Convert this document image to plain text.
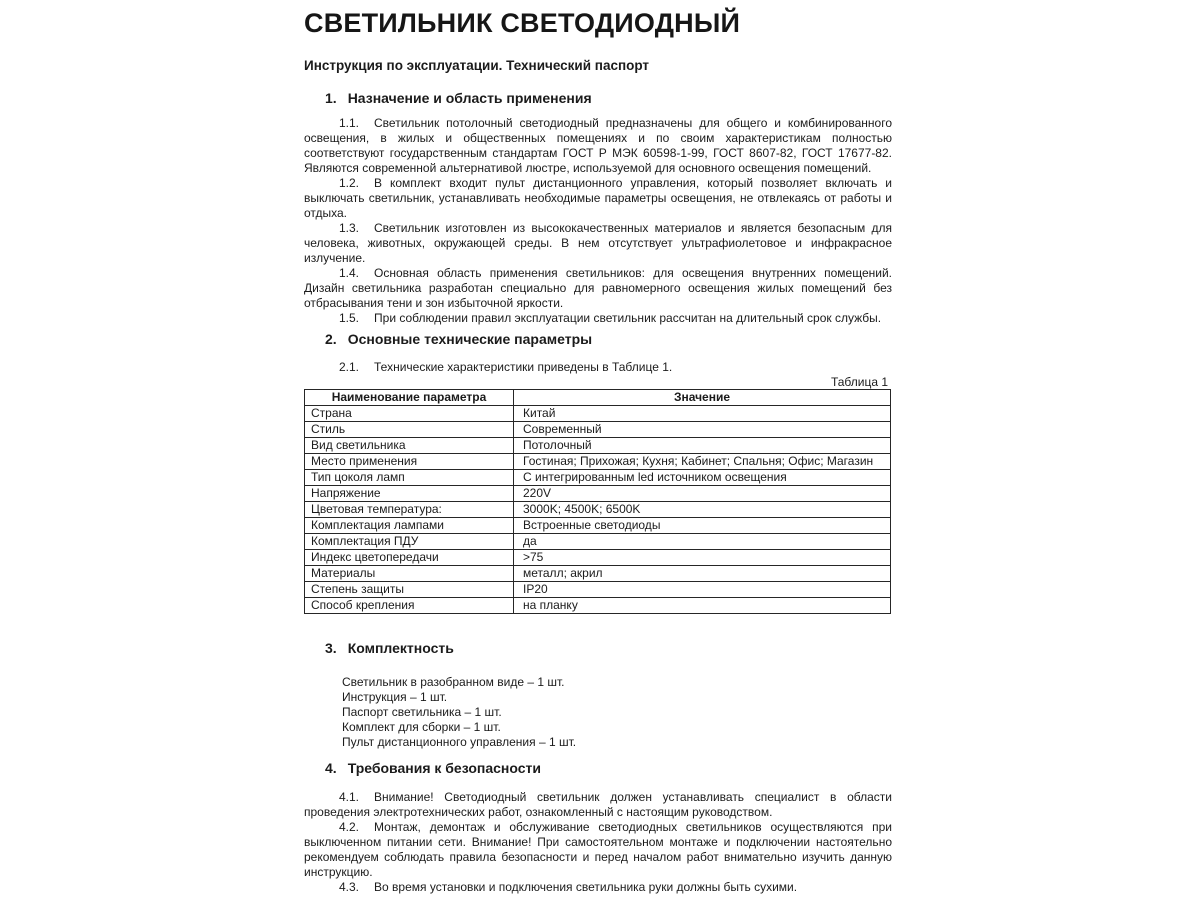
СВЕТИЛЬНИК СВЕТОДИОДНЫЙ
Инструкция по эксплуатации. Технический паспорт
1. Назначение и область применения

1.1. Светильник потолочный светодиодный предназначены для общего и комбинированного освещения, в жилых и общественных помещениях и по своим характеристикам полностью соответствуют государственным стандартам ГОСТ Р МЭК 60598-1-99, ГОСТ 8607-82, ГОСТ 17677-82. Являются современной альтернативой люстре, используемой для основного освещения помещений.

1.2. В комплект входит пульт дистанционного управления, который позволяет включать и выключать светильник, устанавливать необходимые параметры освещения, не отвлекаясь от работы и отдыха.

1.3. Светильник изготовлен из высококачественных материалов и является безопасным для человека, животных, окружающей среды. В нем отсутствует ультрафиолетовое и инфракрасное излучение.

1.4. Основная область применения светильников: для освещения внутренних помещений. Дизайн светильника разработан специально для равномерного освещения жилых помещений без отбрасывания тени и зон избыточной яркости.

1.5. При соблюдении правил эксплуатации светильник рассчитан на длительный срок службы.

2. Основные технические параметры

2.1. Технические характеристики приведены в Таблице 1.

Таблица 1
Наименование параметра	Значение
Страна	Китай
Стиль	Современный
Вид светильника	Потолочный
Место применения	Гостиная; Прихожая; Кухня; Кабинет; Спальня; Офис; Магазин
Тип цоколя ламп	С интегрированным led источником освещения
Напряжение	220V
Цветовая температура:	3000K; 4500K; 6500K
Комплектация лампами	Встроенные светодиоды
Комплектация ПДУ	да
Индекс цветопередачи	>75
Материалы	металл; акрил
Степень защиты	IP20
Способ крепления	на планку
3. Комплектность
Светильник в разобранном виде – 1 шт.
Инструкция – 1 шт.
Паспорт светильника – 1 шт.
Комплект для сборки – 1 шт.
Пульт дистанционного управления – 1 шт.
4. Требования к безопасности

4.1. Внимание! Светодиодный светильник должен устанавливать специалист в области проведения электротехнических работ, ознакомленный с настоящим руководством.

4.2. Монтаж, демонтаж и обслуживание светодиодных светильников осуществляются при выключенном питании сети. Внимание! При самостоятельном монтаже и подключении настоятельно рекомендуем соблюдать правила безопасности и перед началом работ внимательно изучить данную инструкцию.

4.3. Во время установки и подключения светильника руки должны быть сухими.
